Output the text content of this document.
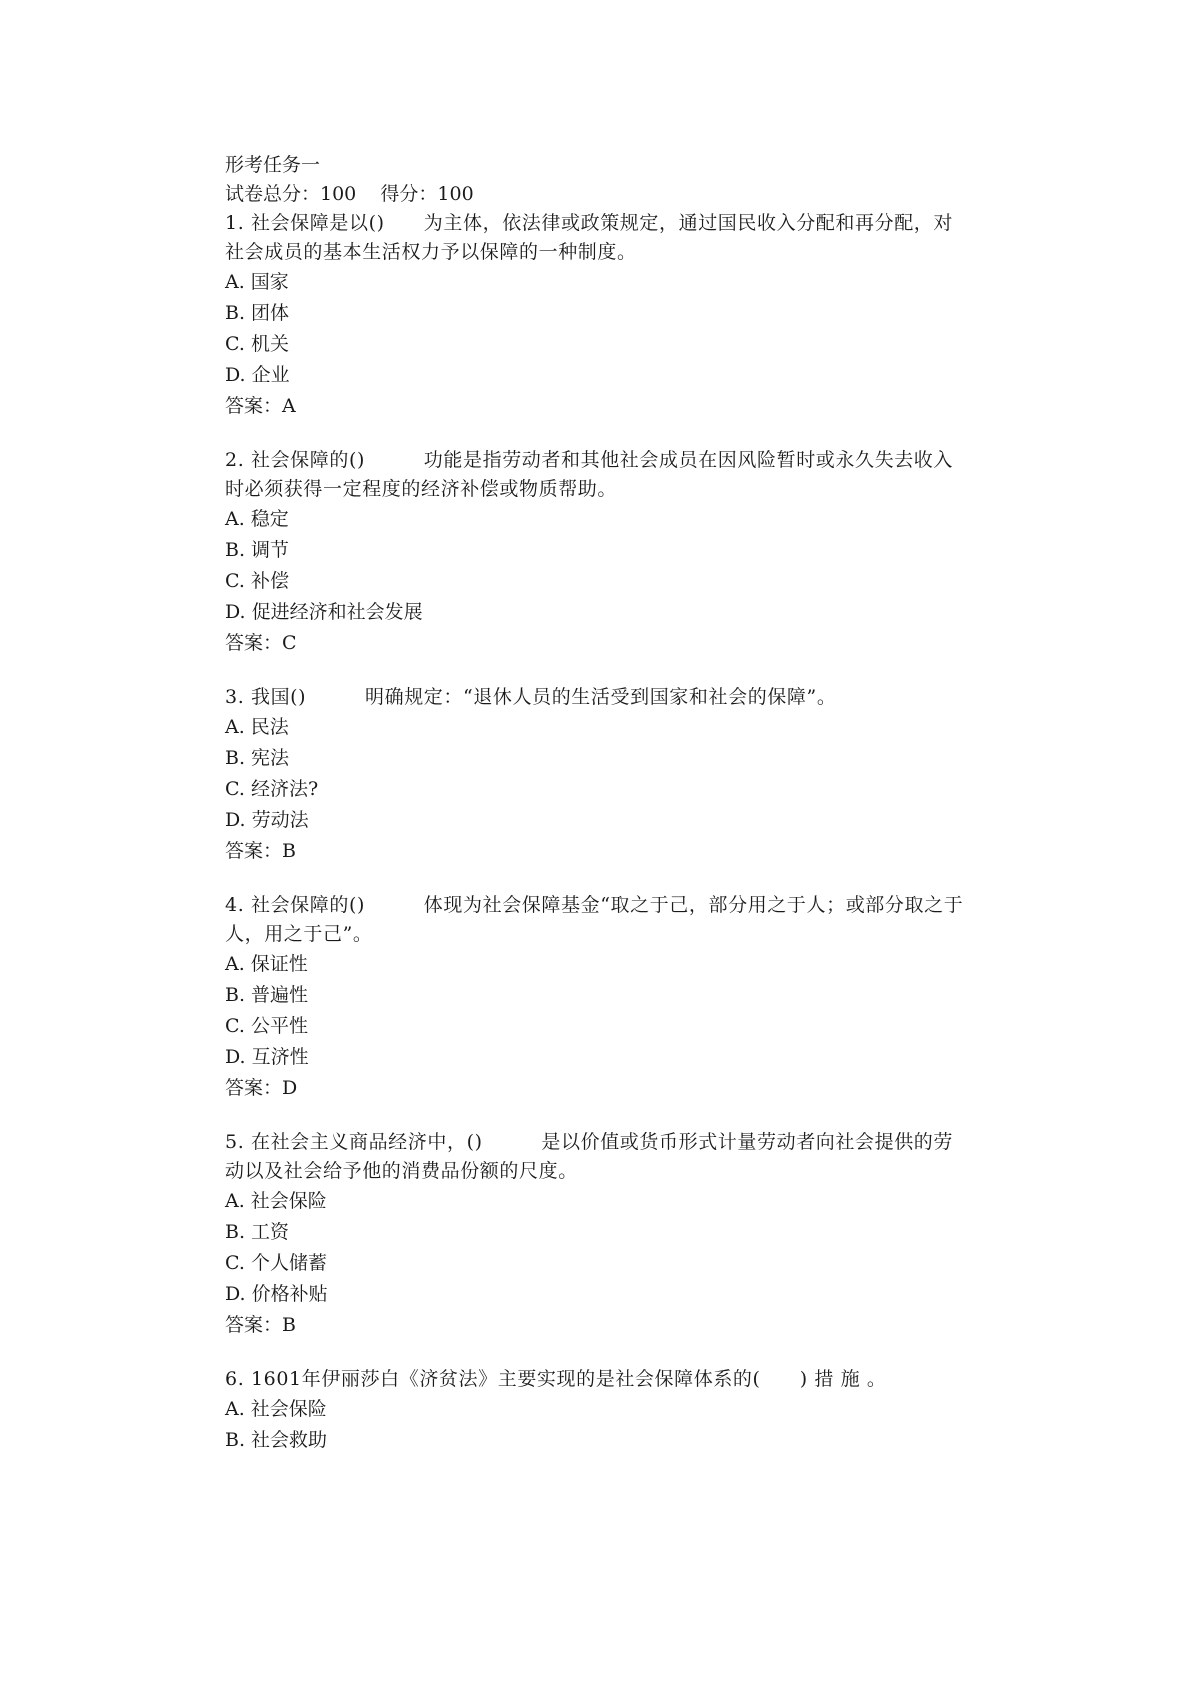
形考任务一
试卷总分：100    得分：100
1. 社会保障是以()　　为主体，依法律或政策规定，通过国民收入分配和再分配，对社会成员的基本生活权力予以保障的一种制度。
A. 国家
B. 团体
C. 机关
D. 企业
答案：A
2. 社会保障的()　　　功能是指劳动者和其他社会成员在因风险暂时或永久失去收入时必须获得一定程度的经济补偿或物质帮助。
A. 稳定
B. 调节
C. 补偿
D. 促进经济和社会发展
答案：C
3. 我国()　　　明确规定：“退休人员的生活受到国家和社会的保障”。
A. 民法
B. 宪法
C. 经济法?
D. 劳动法
答案：B
4. 社会保障的()　　　体现为社会保障基金“取之于己，部分用之于人；或部分取之于人，用之于己”。
A. 保证性
B. 普遍性
C. 公平性
D. 互济性
答案：D
5. 在社会主义商品经济中，()　　　是以价值或货币形式计量劳动者向社会提供的劳动以及社会给予他的消费品份额的尺度。
A. 社会保险
B. 工资
C. 个人储蓄
D. 价格补贴
答案：B
6. 1601年伊丽莎白《济贫法》主要实现的是社会保障体系的(　　) 措 施 。
A. 社会保险
B. 社会救助
